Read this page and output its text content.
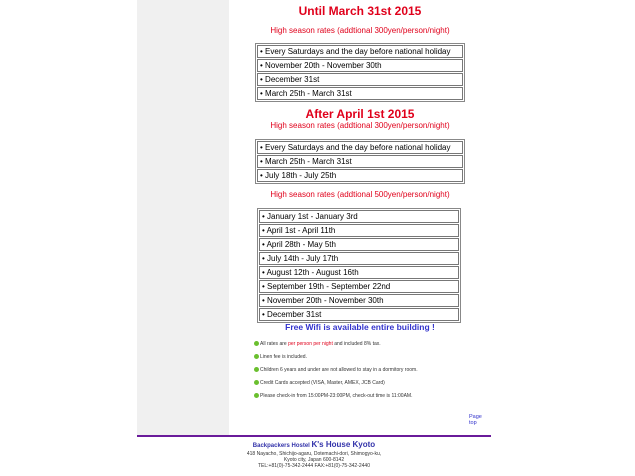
Until March 31st 2015
High season rates (addtional 300yen/person/night)
• Every Saturdays and the day before national holiday
• November 20th - November 30th
• December 31st
• March 25th - March 31st
After April 1st 2015
High season rates (addtional 300yen/person/night)
• Every Saturdays and the day before national holiday
• March 25th - March 31st
• July 18th - July 25th
High season rates (addtional 500yen/person/night)
• January 1st - January 3rd
• April 1st - April 11th
• April 28th - May 5th
• July 14th - July 17th
• August 12th - August 16th
• September 19th - September 22nd
• November 20th - November 30th
• December 31st
Free Wifi is available entire building !
All rates are per person per night and included 8% tax.
Linen fee is included.
Children 6 years and under are not allowed to stay in a dormitory room.
Credit Cards accepted (VISA, Master, AMEX, JCB Card)
Please check-in from 15:00PM-23:00PM, check-out time is 11:00AM.
Page top
Backpackers Hostel K's House Kyoto
418 Nayacho, Shichijo-agaru, Dotemachi-dori, Shimogyo-ku,
Kyoto city, Japan 600-8142
TEL:+81(0)-75-342-2444 FAX:+81(0)-75-342-2440
